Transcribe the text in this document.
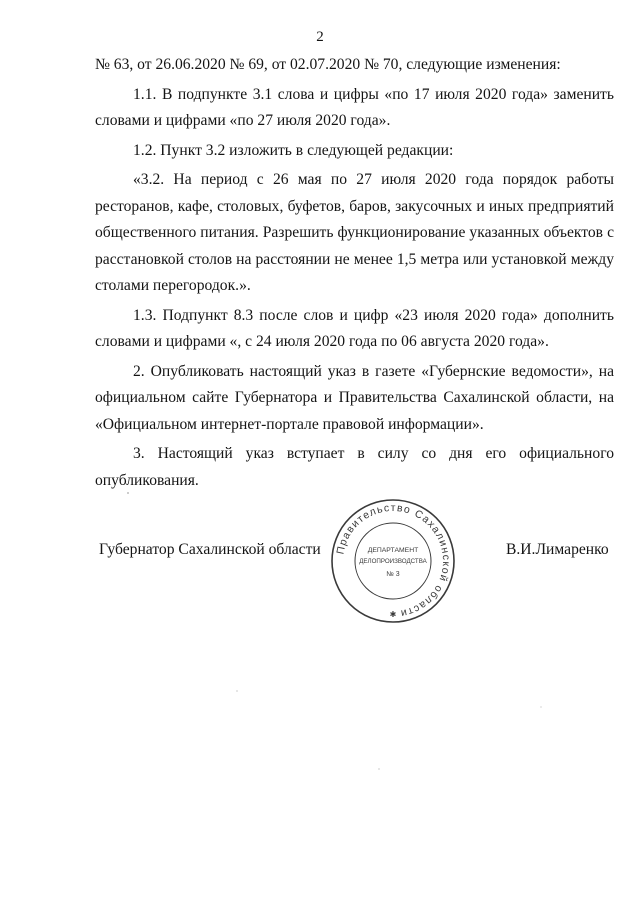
2

№ 63, от 26.06.2020 № 69, от 02.07.2020 № 70, следующие изменения:

1.1. В подпункте 3.1 слова и цифры «по 17 июля 2020 года» заменить словами и цифрами «по 27 июля 2020 года».

1.2. Пункт 3.2 изложить в следующей редакции:

«3.2. На период с 26 мая по 27 июля 2020 года порядок работы ресторанов, кафе, столовых, буфетов, баров, закусочных и иных предприятий общественного питания. Разрешить функционирование указанных объектов с расстановкой столов на расстоянии не менее 1,5 метра или установкой между столами перегородок.».

1.3. Подпункт 8.3 после слов и цифр «23 июля 2020 года» дополнить словами и цифрами «, с 24 июля 2020 года по 06 августа 2020 года».

2. Опубликовать настоящий указ в газете «Губернские ведомости», на официальном сайте Губернатора и Правительства Сахалинской области, на «Официальном интернет-портале правовой информации».

3. Настоящий указ вступает в силу со дня его официального опубликования.

Губернатор Сахалинской области	В.И.Лимаренко
Правительство Сахалинской области
ДЕПАРТАМЕНТ
ДЕЛОПРОИЗВОДСТВА
№ 3
✱
